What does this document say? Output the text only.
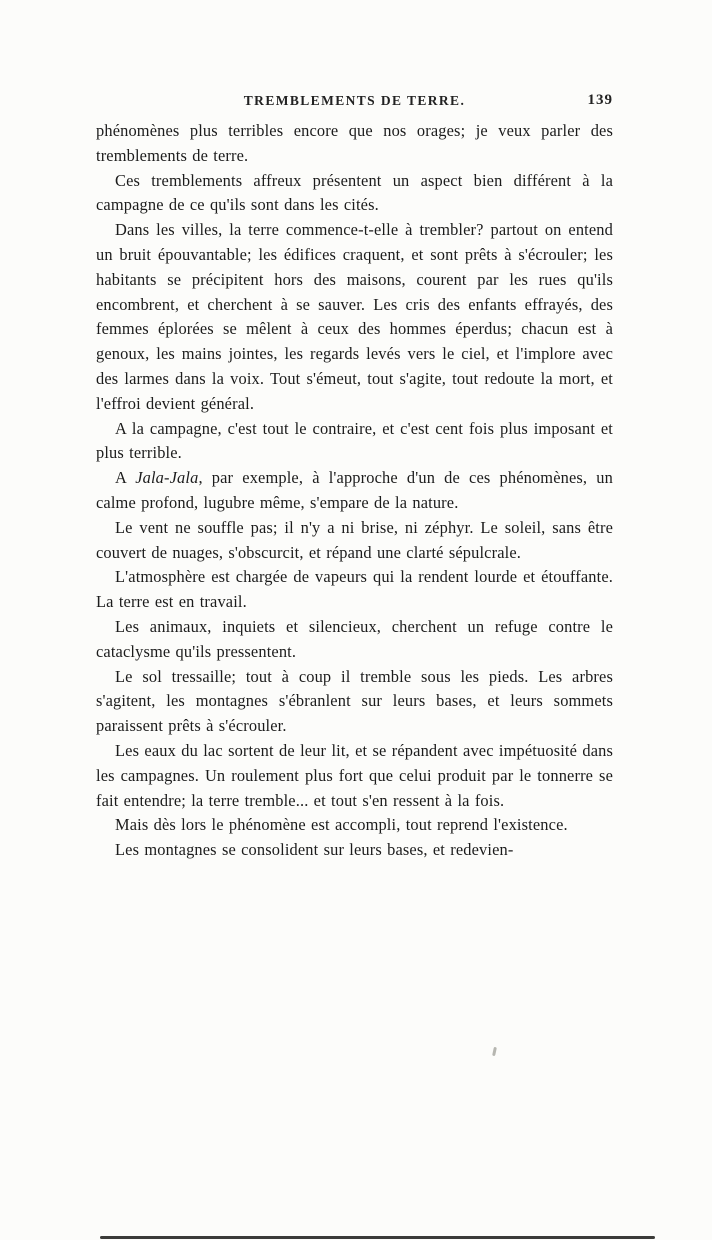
TREMBLEMENTS DE TERRE.	139

phénomènes plus terribles encore que nos orages; je veux parler des tremblements de terre.

Ces tremblements affreux présentent un aspect bien différent à la campagne de ce qu'ils sont dans les cités.

Dans les villes, la terre commence-t-elle à trembler? partout on entend un bruit épouvantable; les édifices craquent, et sont prêts à s'écrouler; les habitants se précipitent hors des maisons, courent par les rues qu'ils encombrent, et cherchent à se sauver. Les cris des enfants effrayés, des femmes éplorées se mêlent à ceux des hommes éperdus; chacun est à genoux, les mains jointes, les regards levés vers le ciel, et l'implore avec des larmes dans la voix. Tout s'émeut, tout s'agite, tout redoute la mort, et l'effroi devient général.

A la campagne, c'est tout le contraire, et c'est cent fois plus imposant et plus terrible.

A Jala-Jala, par exemple, à l'approche d'un de ces phénomènes, un calme profond, lugubre même, s'empare de la nature.

Le vent ne souffle pas; il n'y a ni brise, ni zéphyr. Le soleil, sans être couvert de nuages, s'obscurcit, et répand une clarté sépulcrale.

L'atmosphère est chargée de vapeurs qui la rendent lourde et étouffante. La terre est en travail.

Les animaux, inquiets et silencieux, cherchent un refuge contre le cataclysme qu'ils pressentent.

Le sol tressaille; tout à coup il tremble sous les pieds. Les arbres s'agitent, les montagnes s'ébranlent sur leurs bases, et leurs sommets paraissent prêts à s'écrouler.

Les eaux du lac sortent de leur lit, et se répandent avec impétuosité dans les campagnes. Un roulement plus fort que celui produit par le tonnerre se fait entendre; la terre tremble... et tout s'en ressent à la fois.

Mais dès lors le phénomène est accompli, tout reprend l'existence.

Les montagnes se consolident sur leurs bases, et redevien-
